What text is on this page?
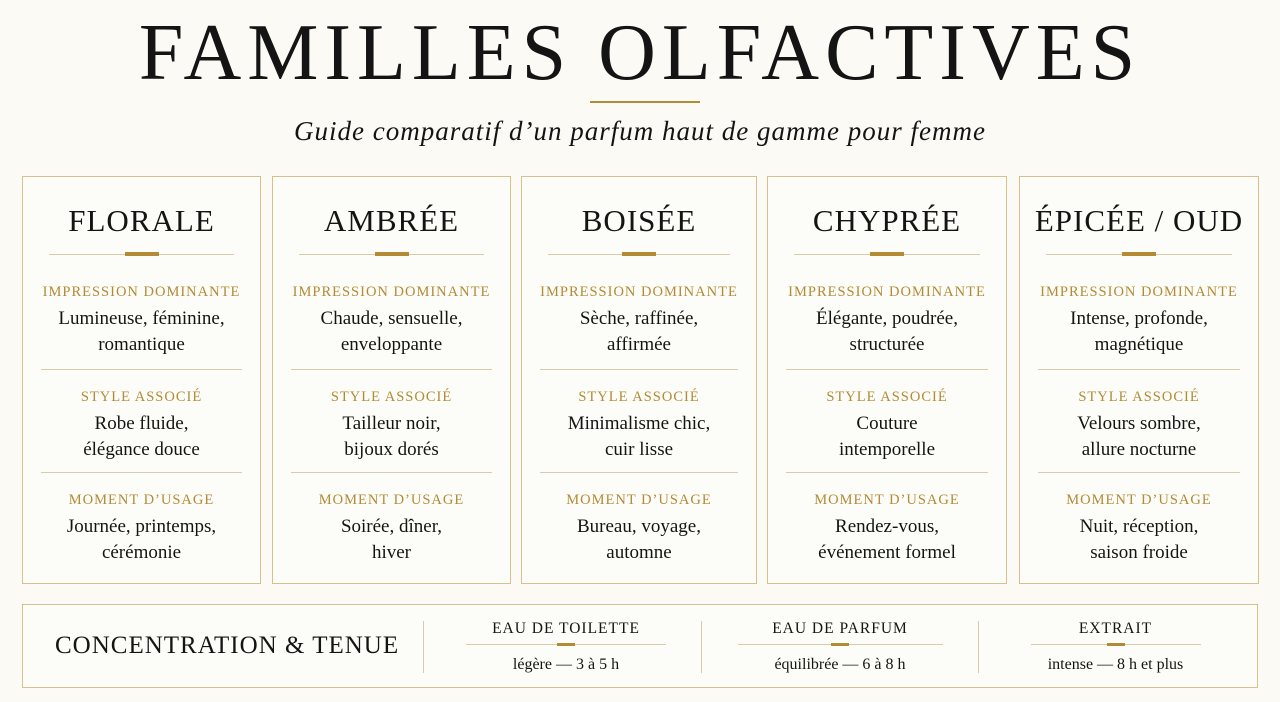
FAMILLES OLFACTIVES
Guide comparatif d’un parfum haut de gamme pour femme
FLORALE
IMPRESSION DOMINANTE
Lumineuse, féminine,
romantique
STYLE ASSOCIÉ
Robe fluide,
élégance douce
MOMENT D’USAGE
Journée, printemps,
cérémonie
AMBRÉE
IMPRESSION DOMINANTE
Chaude, sensuelle,
enveloppante
STYLE ASSOCIÉ
Tailleur noir,
bijoux dorés
MOMENT D’USAGE
Soirée, dîner,
hiver
BOISÉE
IMPRESSION DOMINANTE
Sèche, raffinée,
affirmée
STYLE ASSOCIÉ
Minimalisme chic,
cuir lisse
MOMENT D’USAGE
Bureau, voyage,
automne
CHYPRÉE
IMPRESSION DOMINANTE
Élégante, poudrée,
structurée
STYLE ASSOCIÉ
Couture
intemporelle
MOMENT D’USAGE
Rendez-vous,
événement formel
ÉPICÉE / OUD
IMPRESSION DOMINANTE
Intense, profonde,
magnétique
STYLE ASSOCIÉ
Velours sombre,
allure nocturne
MOMENT D’USAGE
Nuit, réception,
saison froide
CONCENTRATION & TENUE
EAU DE TOILETTE
légère — 3 à 5 h
EAU DE PARFUM
équilibrée — 6 à 8 h
EXTRAIT
intense — 8 h et plus
